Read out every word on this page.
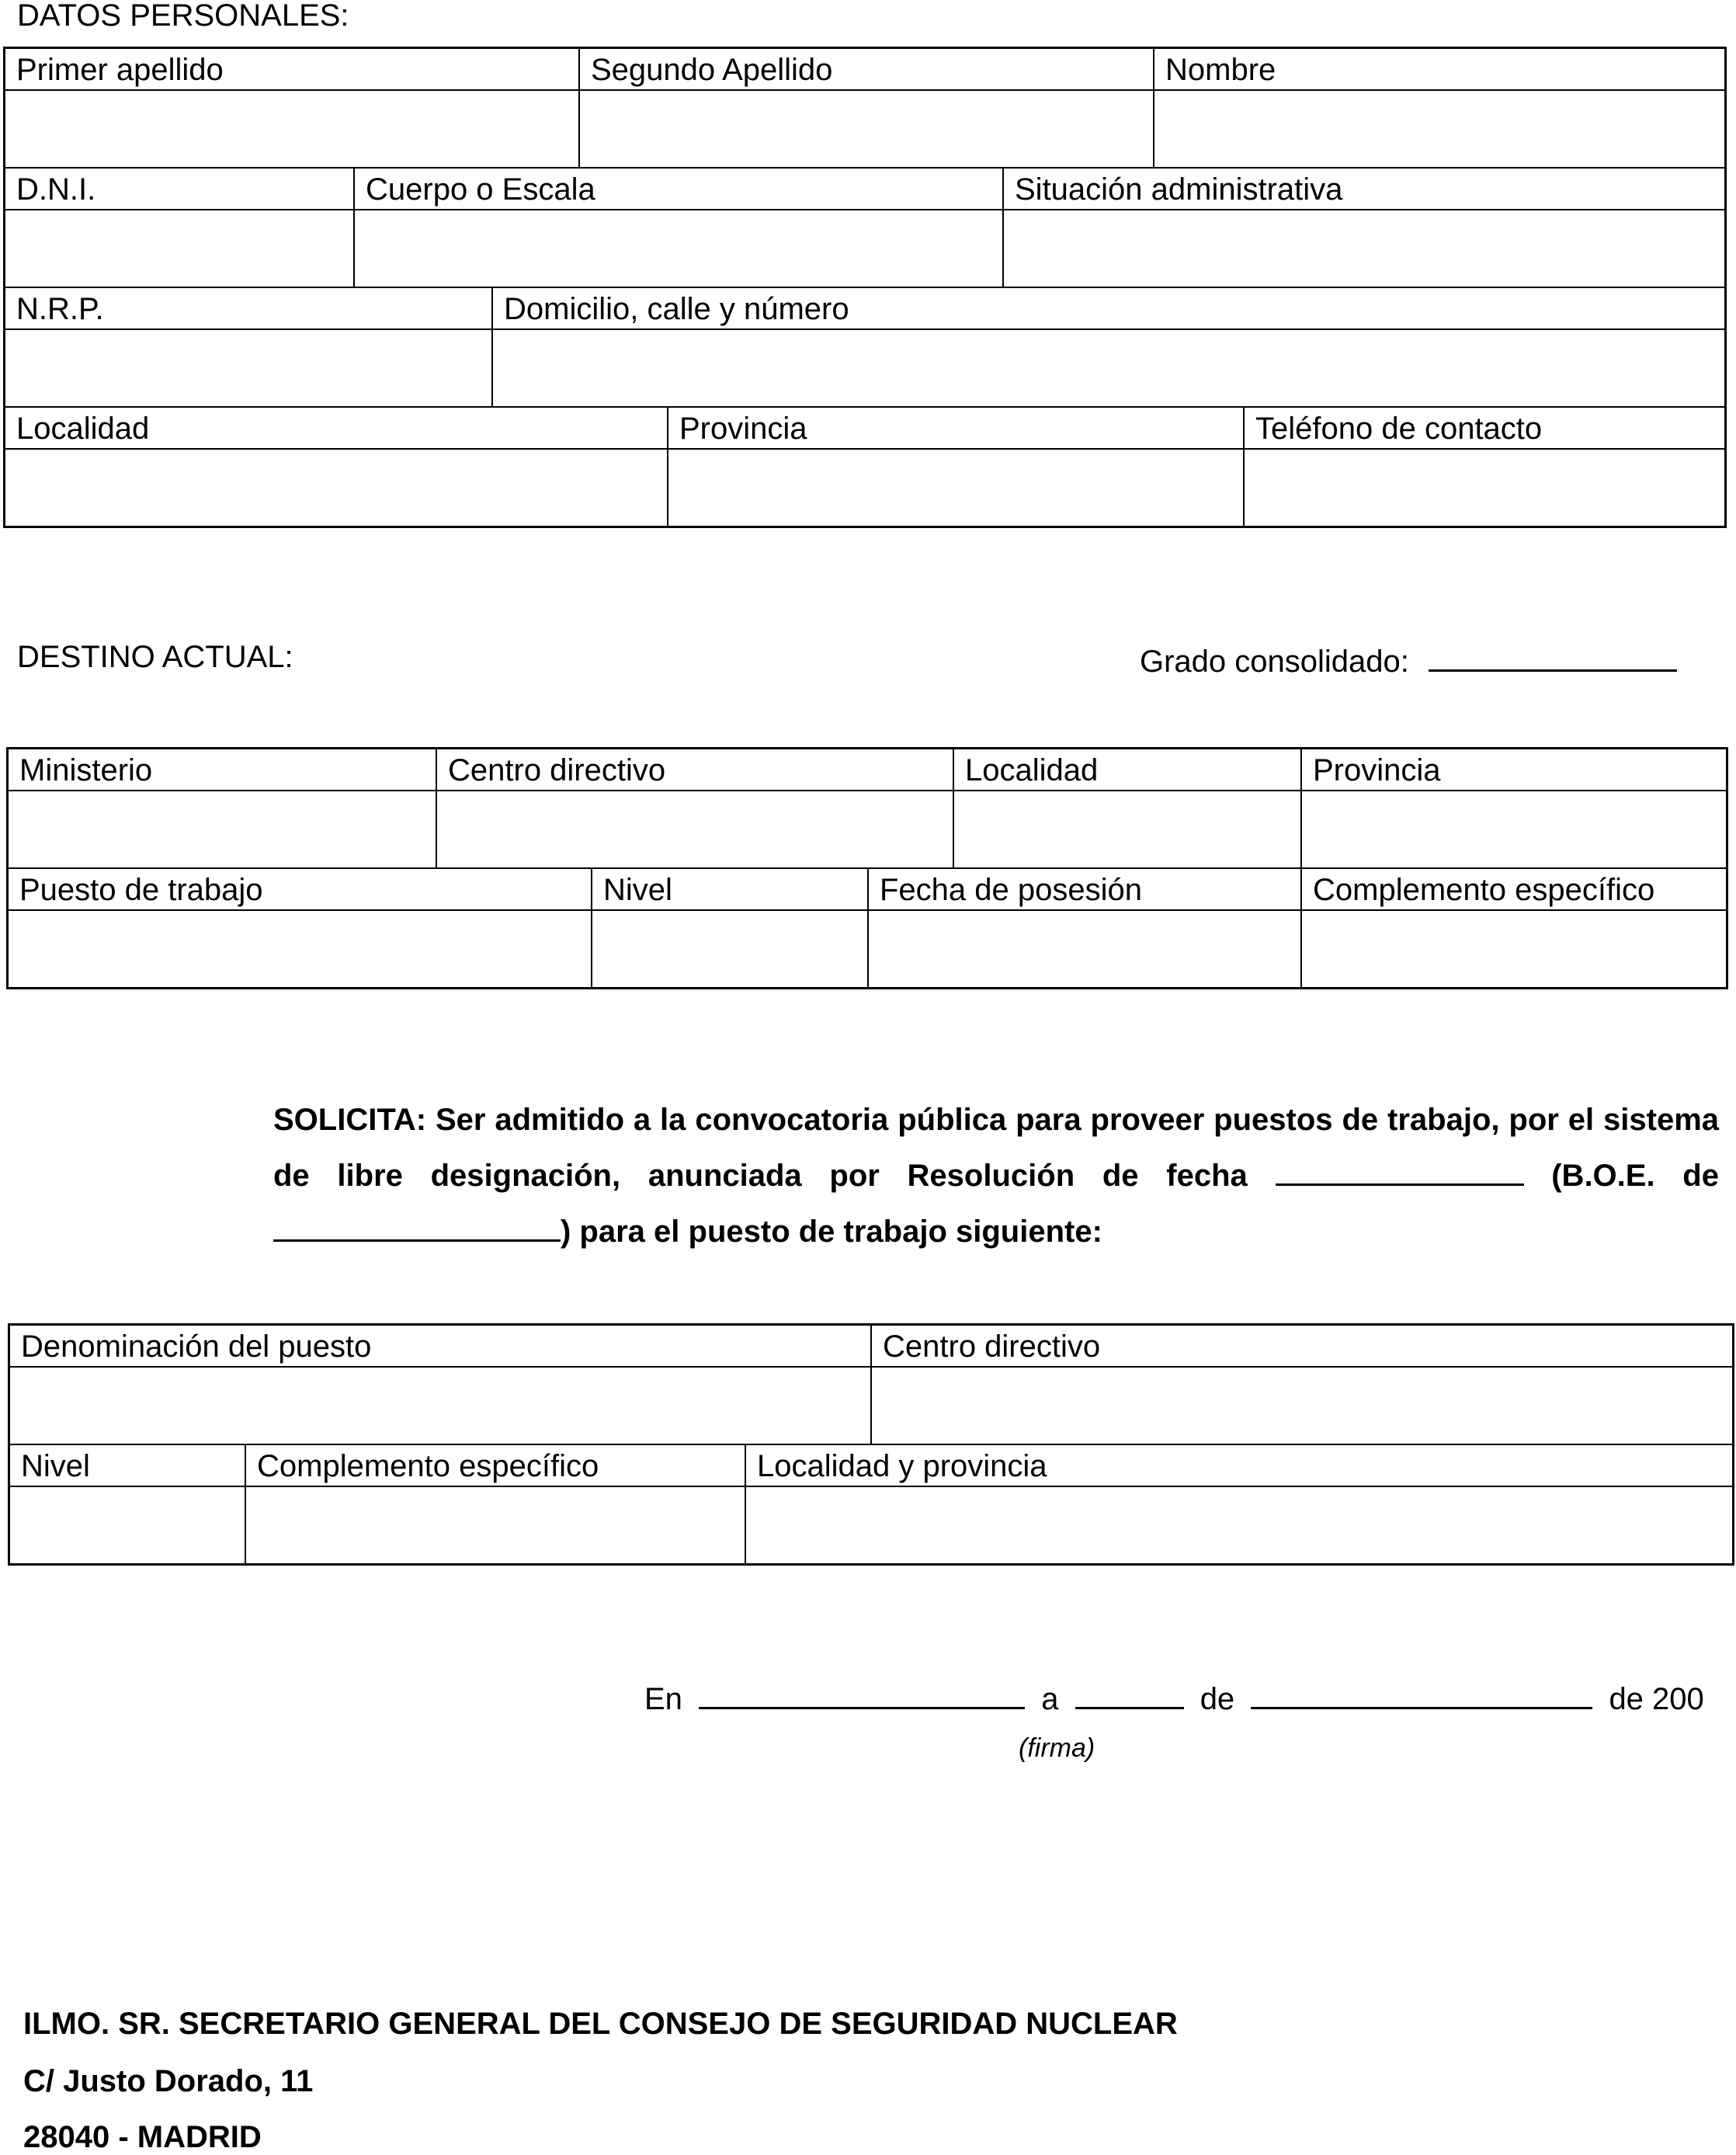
DATOS PERSONALES:
Primer apellido	Segundo Apellido	Nombre
D.N.I.	Cuerpo o Escala	Situación administrativa
N.R.P.	Domicilio, calle y número
Localidad	Provincia	Teléfono de contacto
DESTINO ACTUAL:	Grado consolidado:
Ministerio	Centro directivo	Localidad	Provincia
Puesto de trabajo	Nivel	Fecha de posesión	Complemento específico
SOLICITA: Ser admitido a la convocatoria pública para proveer puestos de trabajo, por el sistema de libre designación, anunciada por Resolución de fecha	(B.O.E. de ) para el puesto de trabajo siguiente:
Denominación del puesto	Centro directivo
Nivel	Complemento específico	Localidad y provincia
En	a	de	de 200
(firma)
ILMO. SR. SECRETARIO GENERAL DEL CONSEJO DE SEGURIDAD NUCLEAR
C/ Justo Dorado, 11
28040 - MADRID
